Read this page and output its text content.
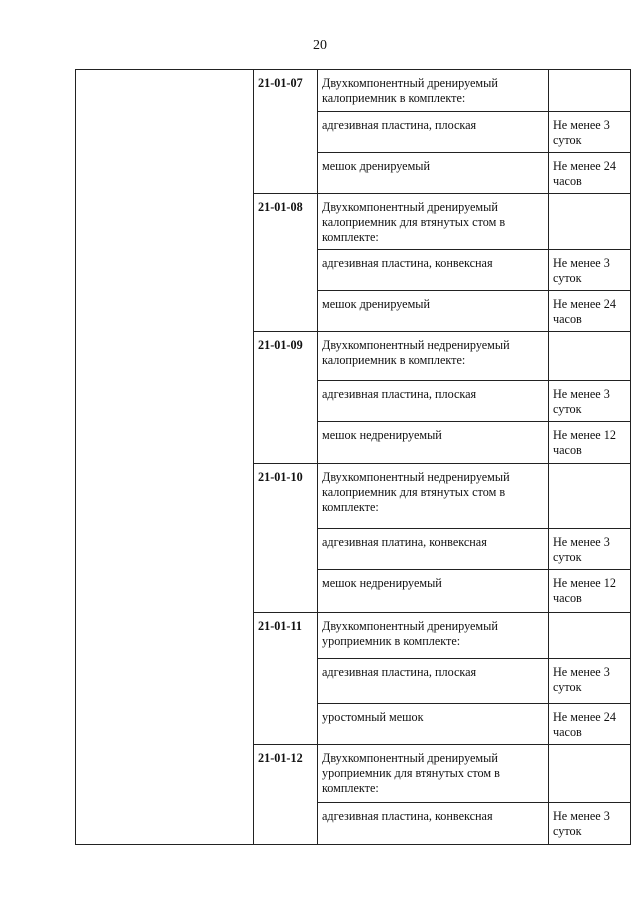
20
	21-01-07	Двухкомпонентный дренируемый калоприемник в комплекте:	
		адгезивная пластина, плоская	Не менее 3 суток
		мешок дренируемый	Не менее 24 часов
	21-01-08	Двухкомпонентный дренируемый калоприемник для втянутых стом в комплекте:	
		адгезивная пластина, конвексная	Не менее 3 суток
		мешок дренируемый	Не менее 24 часов
	21-01-09	Двухкомпонентный недренируемый калоприемник в комплекте:	
		адгезивная пластина, плоская	Не менее 3 суток
		мешок недренируемый	Не менее 12 часов
	21-01-10	Двухкомпонентный недренируемый калоприемник для втянутых стом в комплекте:	
		адгезивная платина, конвексная	Не менее 3 суток
		мешок недренируемый	Не менее 12 часов
	21-01-11	Двухкомпонентный дренируемый уроприемник в комплекте:	
		адгезивная пластина, плоская	Не менее 3 суток
		уростомный мешок	Не менее 24 часов
	21-01-12	Двухкомпонентный дренируемый уроприемник для втянутых стом в комплекте:	
		адгезивная пластина, конвексная	Не менее 3 суток
